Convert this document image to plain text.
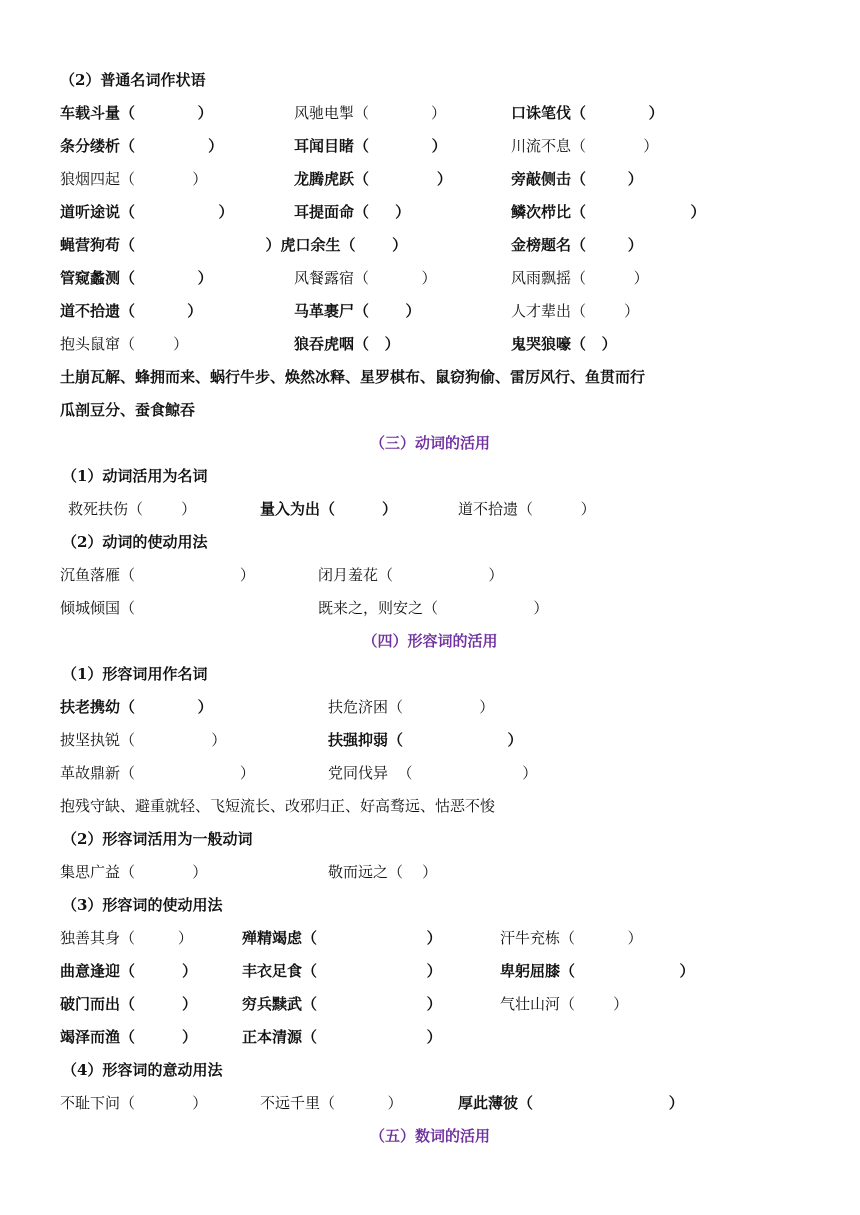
（2）普通名词作状语
车载斗量（            ）	风驰电掣（             ）	口诛笔伐（            ）
条分缕析（              ）	耳闻目睹（            ）	川流不息（            ）
狼烟四起（            ）	龙腾虎跃（             ）	旁敲侧击（        ）
道听途说（                ）	耳提面命（     ）	鳞次栉比（                    ）
蝇营狗苟（                         ）虎口余生（       ）	金榜题名（        ）
管窥蠡测（            ）	风餐露宿（           ）	风雨飘摇（          ）
道不拾遗（          ）	马革裹尸（       ）	人才辈出（        ）
抱头鼠窜（        ）	狼吞虎咽（   ）	鬼哭狼嚎（   ）
土崩瓦解、蜂拥而来、蜗行牛步、焕然冰释、星罗棋布、鼠窃狗偷、雷厉风行、鱼贯而行
瓜剖豆分、蚕食鲸吞
（三）动词的活用
（1）动词活用为名词
救死扶伤（        ）	量入为出（         ）	道不拾遗（          ）
（2）动词的使动用法
沉鱼落雁（                      ）	闭月羞花（                    ）
倾城倾国（	既来之，则安之（                    ）
（四）形容词的活用
（1）形容词用作名词
扶老携幼（            ）	扶危济困（                ）
披坚执锐（                ）	扶强抑弱（                    ）
革故鼎新（                      ）	党同伐异  （                       ）
抱残守缺、避重就轻、飞短流长、改邪归正、好高骛远、怙恶不悛
（2）形容词活用为一般动词
集思广益（            ）	敬而远之（    ）
（3）形容词的使动用法
独善其身（         ）	殚精竭虑（                     ）	汗牛充栋（           ）
曲意逢迎（         ）	丰衣足食（                     ）	卑躬屈膝（                    ）
破门而出（         ）	穷兵黩武（                     ）	气壮山河（        ）
竭泽而渔（         ）	正本清源（                     ）
（4）形容词的意动用法
不耻下问（            ）	不远千里（           ）	厚此薄彼（                          ）
（五）数词的活用
